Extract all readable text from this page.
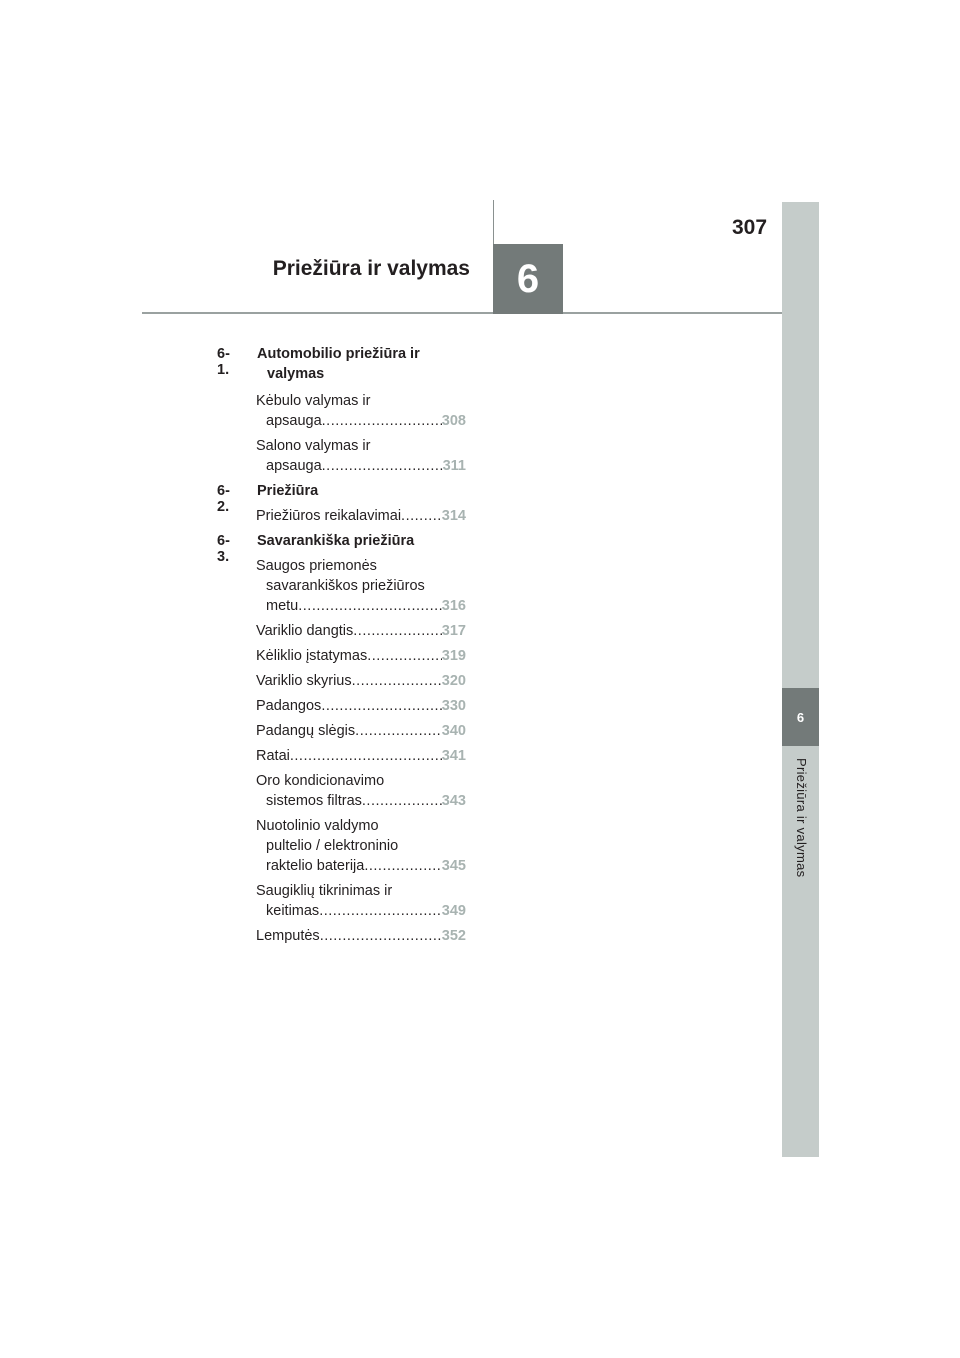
6
Priežiūra ir valymas
6
Priežiūra ir valymas
307
6-1.
Automobilio priežiūra ir
valymas
Kėbulo valymas ir
apsauga .....	308
Salono valymas ir
apsauga .....	311
6-2.
Priežiūra
Priežiūros reikalavimai .....	314
6-3.
Savarankiška priežiūra
Saugos priemonės
savarankiškos priežiūros
metu .....	316
Variklio dangtis .....	317
Kėliklio įstatymas .....	319
Variklio skyrius .....	320
Padangos .....	330
Padangų slėgis .....	340
Ratai .....	341
Oro kondicionavimo
sistemos filtras .....	343
Nuotolinio valdymo
pultelio / elektroninio
raktelio baterija .....	345
Saugiklių tikrinimas ir
keitimas .....	349
Lemputės .....	352
